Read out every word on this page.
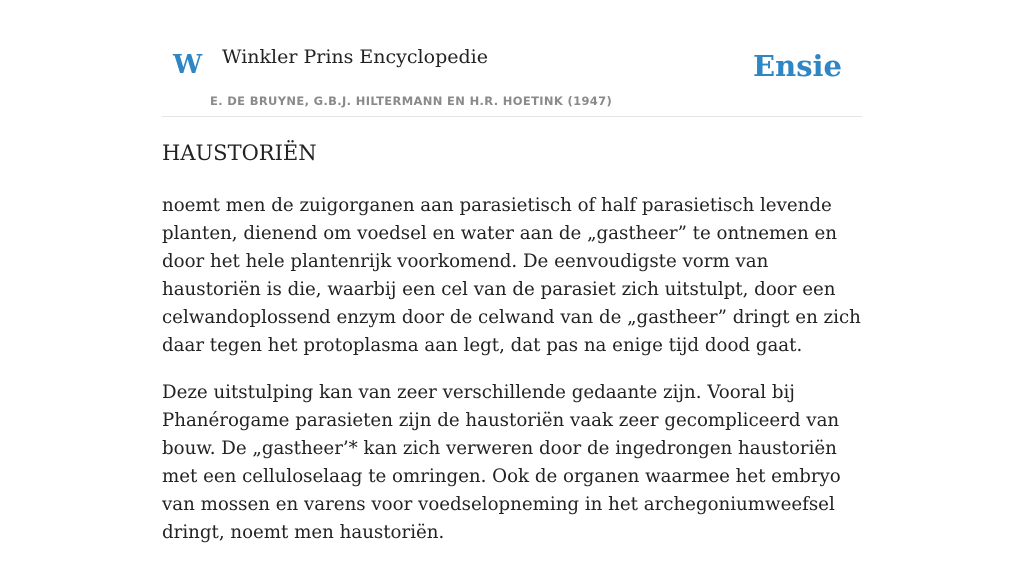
W Winkler Prins Encyclopedie
E. DE BRUYNE, G.B.J. HILTERMANN EN H.R. HOETINK (1947)
Ensie
HAUSTORIËN

noemt men de zuigorganen aan parasietisch of half parasietisch levende planten, dienend om voedsel en water aan de „gastheer” te ontnemen en door het hele plantenrijk voorkomend. De eenvoudigste vorm van haustoriën is die, waarbij een cel van de parasiet zich uitstulpt, door een celwandoplossend enzym door de celwand van de „gastheer” dringt en zich daar tegen het protoplasma aan legt, dat pas na enige tijd dood gaat.

Deze uitstulping kan van zeer verschillende gedaante zijn. Vooral bij Phanérogame parasieten zijn de haustoriën vaak zeer gecompliceerd van bouw. De „gastheer’* kan zich verweren door de ingedrongen haustoriën met een celluloselaag te omringen. Ook de organen waarmee het embryo van mossen en varens voor voedselopneming in het archegoniumweefsel dringt, noemt men haustoriën.
